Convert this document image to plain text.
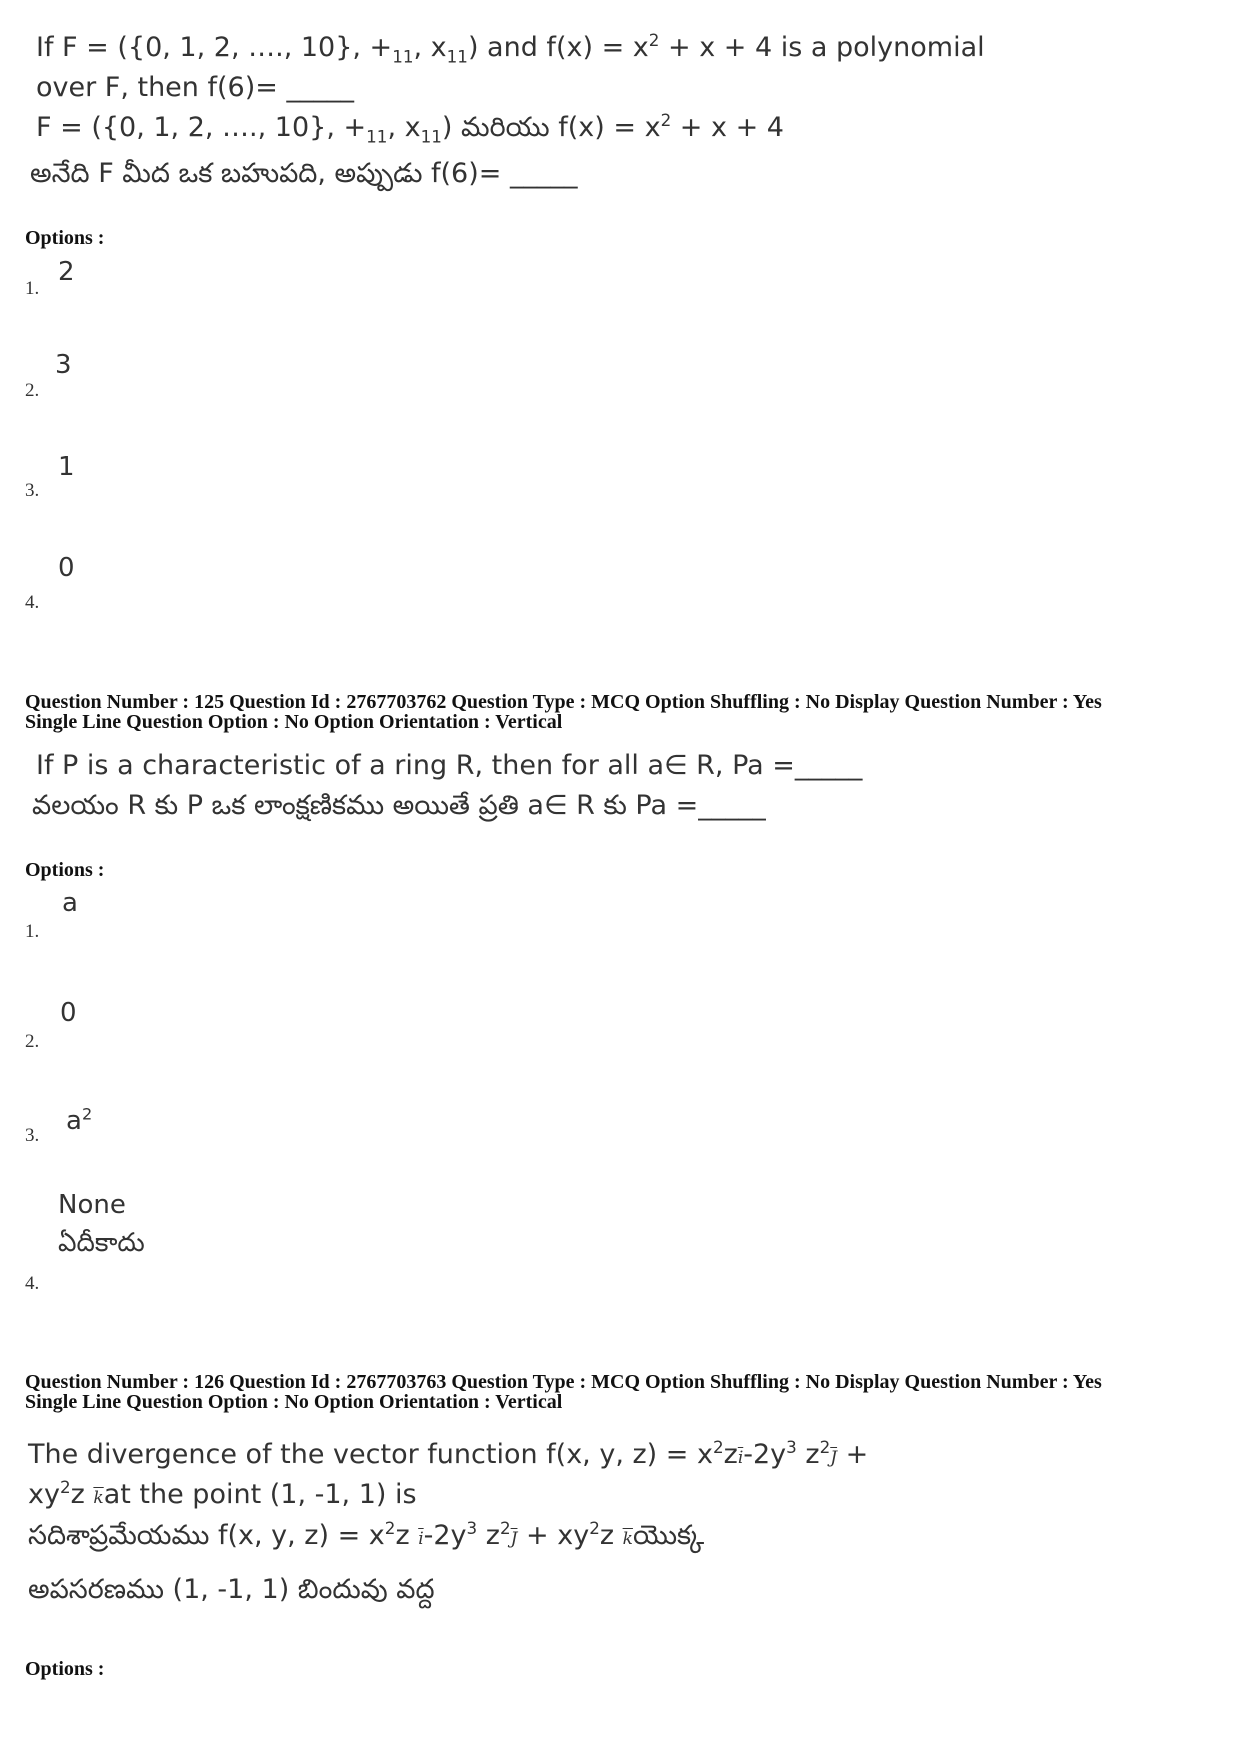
If F = ({0, 1, 2, …., 10}, $+_{11}$, $x_{11}$) and $f(x) = x^2 + x + 4$ is a polynomial
over F, then f(6)= _____
F = ({0, 1, 2, …., 10}, $+_{11}$, $x_{11}$) మరియు $f(x) = x^2 + x + 4$
అనేది F మీద ఒక బహుపది, అప్పుడు f(6)= _____
Options :
2
1.
3
2.
1
3.
0
4.
Question Number : 125 Question Id : 2767703762 Question Type : MCQ Option Shuffling : No Display Question Number : Yes
Single Line Question Option : No Option Orientation : Vertical
If P is a characteristic of a ring R, then for all a∈ R, Pa =_____
వలయం R కు P ఒక లాంక్షణికము అయితే ప్రతి a∈ R కు Pa =_____
Options :
a
1.
0
2.
$a^2$
3.
None
ఏదీకాదు
4.
Question Number : 126 Question Id : 2767703763 Question Type : MCQ Option Shuffling : No Display Question Number : Yes
Single Line Question Option : No Option Orientation : Vertical
The divergence of the vector function f(x, y, $z) = x^2z\overline{i}-2y^3$ $z^2\overline{J}$ +
$xy^2z$ $\overline{k}at$ the point (1, -1, 1) is
సదిశాప్రమేయము f(x, y, $z) = x^2z$ $\overline{i}-2y^3$ $z^2\overline{J} + xy^2z$ $\overline{k}యొక్క$
అపసరణము (1, -1, 1) బిందువు వద్ద
Options :
